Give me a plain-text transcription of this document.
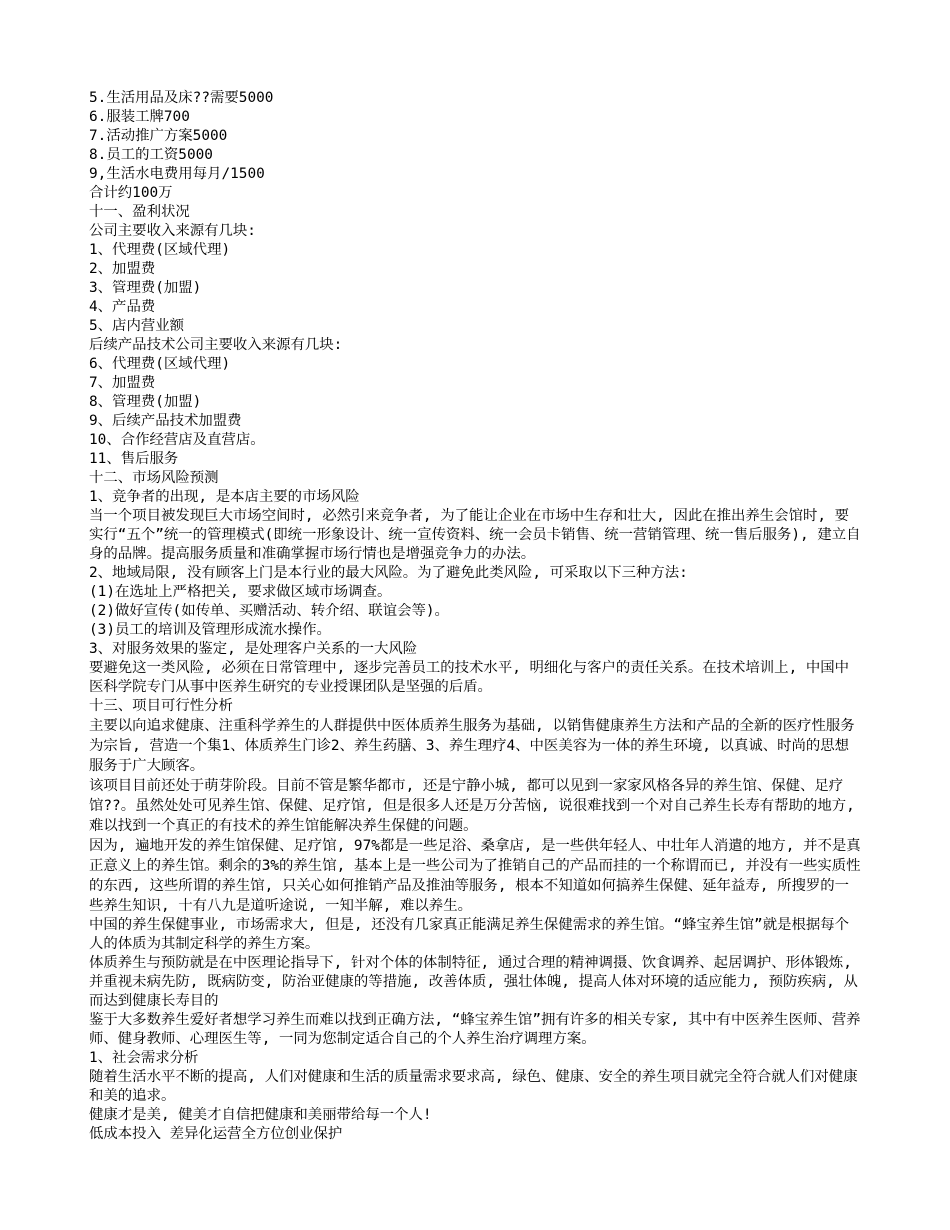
5.生活用品及床??需要5000

6.服装工牌700

7.活动推广方案5000

8.员工的工资5000

9,生活水电费用每月/1500

合计约100万

十一、盈利状况

公司主要收入来源有几块:

1、代理费(区域代理)

2、加盟费

3、管理费(加盟)

4、产品费

5、店内营业额

后续产品技术公司主要收入来源有几块:

6、代理费(区域代理)

7、加盟费

8、管理费(加盟)

9、后续产品技术加盟费

10、合作经营店及直营店。

11、售后服务

十二、市场风险预测

1、竞争者的出现, 是本店主要的市场风险

当一个项目被发现巨大市场空间时, 必然引来竞争者, 为了能让企业在市场中生存和壮大, 因此在推出养生会馆时, 要实行“五个”统一的管理模式(即统一形象设计、统一宣传资料、统一会员卡销售、统一营销管理、统一售后服务), 建立自身的品牌。提高服务质量和准确掌握市场行情也是增强竞争力的办法。

2、地域局限, 没有顾客上门是本行业的最大风险。为了避免此类风险, 可采取以下三种方法:

(1)在选址上严格把关, 要求做区域市场调查。

(2)做好宣传(如传单、买赠活动、转介绍、联谊会等)。

(3)员工的培训及管理形成流水操作。

3、对服务效果的鉴定, 是处理客户关系的一大风险

要避免这一类风险, 必须在日常管理中, 逐步完善员工的技术水平, 明细化与客户的责任关系。在技术培训上, 中国中医科学院专门从事中医养生研究的专业授课团队是坚强的后盾。

十三、项目可行性分析

主要以向追求健康、注重科学养生的人群提供中医体质养生服务为基础, 以销售健康养生方法和产品的全新的医疗性服务为宗旨, 营造一个集1、体质养生门诊2、养生药膳、3、养生理疗4、中医美容为一体的养生环境, 以真诚、时尚的思想服务于广大顾客。

该项目目前还处于萌芽阶段。目前不管是繁华都市, 还是宁静小城, 都可以见到一家家风格各异的养生馆、保健、足疗馆??。虽然处处可见养生馆、保健、足疗馆, 但是很多人还是万分苦恼, 说很难找到一个对自己养生长寿有帮助的地方, 难以找到一个真正的有技术的养生馆能解决养生保健的问题。

因为, 遍地开发的养生馆保健、足疗馆, 97%都是一些足浴、桑拿店, 是一些供年轻人、中壮年人消遣的地方, 并不是真正意义上的养生馆。剩余的3%的养生馆, 基本上是一些公司为了推销自己的产品而挂的一个称谓而已, 并没有一些实质性的东西, 这些所谓的养生馆, 只关心如何推销产品及推油等服务, 根本不知道如何搞养生保健、延年益寿, 所搜罗的一些养生知识, 十有八九是道听途说, 一知半解, 难以养生。

中国的养生保健事业, 市场需求大, 但是, 还没有几家真正能满足养生保健需求的养生馆。“蜂宝养生馆”就是根据每个人的体质为其制定科学的养生方案。

体质养生与预防就是在中医理论指导下, 针对个体的体制特征, 通过合理的精神调摄、饮食调养、起居调护、形体锻炼, 并重视未病先防, 既病防变, 防治亚健康的等措施, 改善体质, 强壮体魄, 提高人体对环境的适应能力, 预防疾病, 从而达到健康长寿目的

鉴于大多数养生爱好者想学习养生而难以找到正确方法, “蜂宝养生馆”拥有许多的相关专家, 其中有中医养生医师、营养师、健身教师、心理医生等, 一同为您制定适合自己的个人养生治疗调理方案。

1、社会需求分析

随着生活水平不断的提高, 人们对健康和生活的质量需求要求高, 绿色、健康、安全的养生项目就完全符合就人们对健康和美的追求。

健康才是美, 健美才自信把健康和美丽带给每一个人!

低成本投入 差异化运营全方位创业保护
